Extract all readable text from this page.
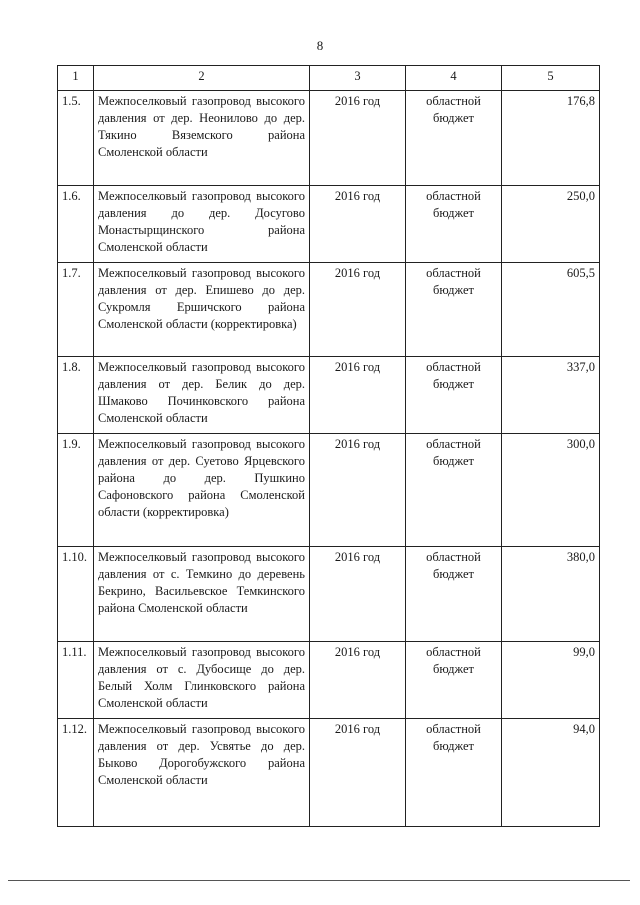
8
1	2	3	4	5
1.5.	Межпоселковый газопровод высокого давления от дер. Неонилово до дер. Тякино Вяземского района Смоленской области	2016 год	областной бюджет	176,8
1.6.	Межпоселковый газопровод высокого давления до дер. Досугово Монастырщинского района Смоленской области	2016 год	областной бюджет	250,0
1.7.	Межпоселковый газопровод высокого давления от дер. Епишево до дер. Сукромля Ершичского района Смоленской области (корректировка)	2016 год	областной бюджет	605,5
1.8.	Межпоселковый газопровод высокого давления от дер. Белик до дер. Шмаково Починковского района Смоленской области	2016 год	областной бюджет	337,0
1.9.	Межпоселковый газопровод высокого давления от дер. Суетово Ярцевского района до дер. Пушкино Сафоновского района Смоленской области (корректировка)	2016 год	областной бюджет	300,0
1.10.	Межпоселковый газопровод высокого давления от с. Темкино до деревень Бекрино, Васильевское Темкинского района Смоленской области	2016 год	областной бюджет	380,0
1.11.	Межпоселковый газопровод высокого давления от с. Дубосище до дер. Белый Холм Глинковского района Смоленской области	2016 год	областной бюджет	99,0
1.12.	Межпоселковый газопровод высокого давления от дер. Усвятье до дер. Быково Дорогобужского района Смоленской области	2016 год	областной бюджет	94,0
